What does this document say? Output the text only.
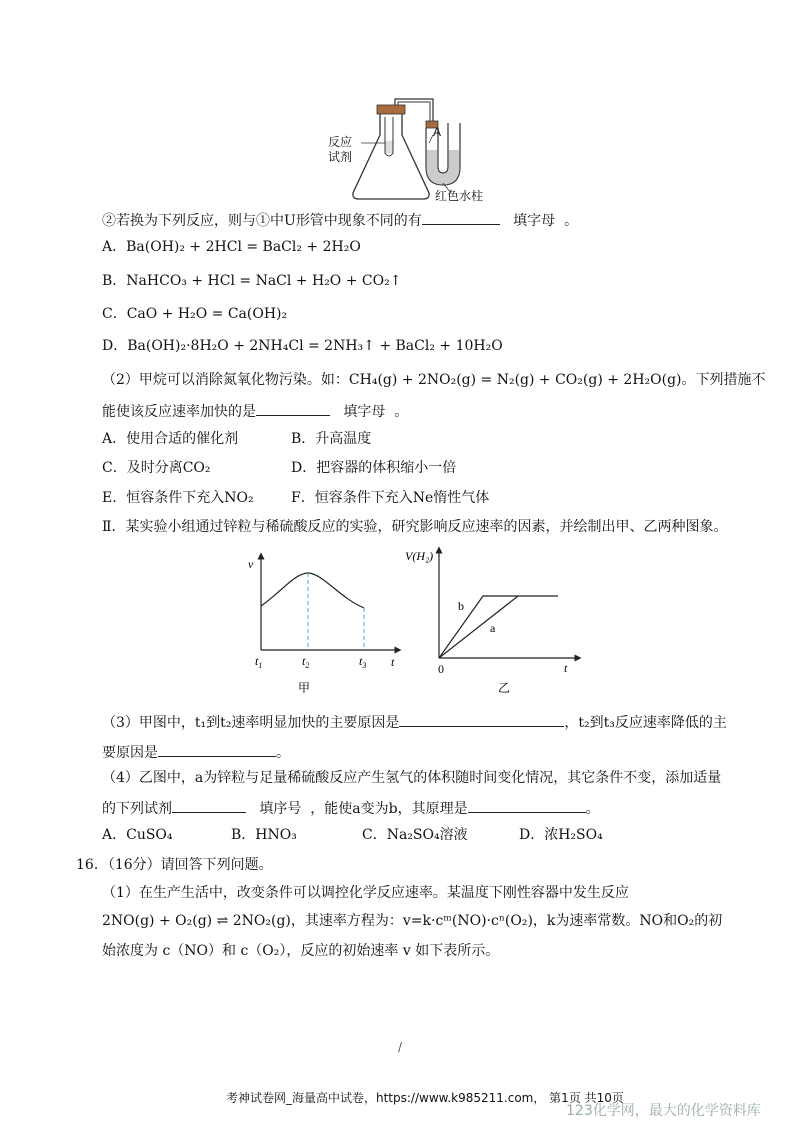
反应
试剂
A
红色水柱
②若换为下列反应，则与①中U形管中现象不同的有	填字母 。
A．Ba(OH)₂ + 2HCl = BaCl₂ + 2H₂O
B．NaHCO₃ + HCl = NaCl + H₂O + CO₂↑
C．CaO + H₂O = Ca(OH)₂
D．Ba(OH)₂·8H₂O + 2NH₄Cl = 2NH₃↑ + BaCl₂ + 10H₂O
（2）甲烷可以消除氮氧化物污染。如：CH₄(g) + 2NO₂(g) = N₂(g) + CO₂(g) + 2H₂O(g)。下列措施不
能使该反应速率加快的是	填字母 。
A．使用合适的催化剂	B．升高温度
C．及时分离CO₂	D．把容器的体积缩小一倍
E．恒容条件下充入NO₂	F．恒容条件下充入Ne惰性气体
Ⅱ．某实验小组通过锌粒与稀硫酸反应的实验，研究影响反应速率的因素，并绘制出甲、乙两种图象。
v
t
$t_1$	$t_2$	$t_3$
甲
V(H₂)
t
0
b
a
乙
（3）甲图中，t₁到t₂速率明显加快的主要原因是	，t₂到t₃反应速率降低的主
要原因是	。
（4）乙图中，a为锌粒与足量稀硫酸反应产生氢气的体积随时间变化情况，其它条件不变，添加适量
的下列试剂	填序号 ，能使a变为b，其原理是	。
A．CuSO₄	B．HNO₃	C．Na₂SO₄溶液	D．浓H₂SO₄
16．（16分）请回答下列问题。
（1）在生产生活中，改变条件可以调控化学反应速率。某温度下刚性容器中发生反应
2NO(g) + O₂(g) ⇌ 2NO₂(g)，其速率方程为：v=k·cᵐ(NO)·cⁿ(O₂)，k为速率常数。NO和O₂的初
始浓度为 c（NO）和 c（O₂），反应的初始速率 v 如下表所示。
/
考神试卷网_海量高中试卷，https://www.k985211.com， 第1页 共10页
123化学网，最大的化学资料库
